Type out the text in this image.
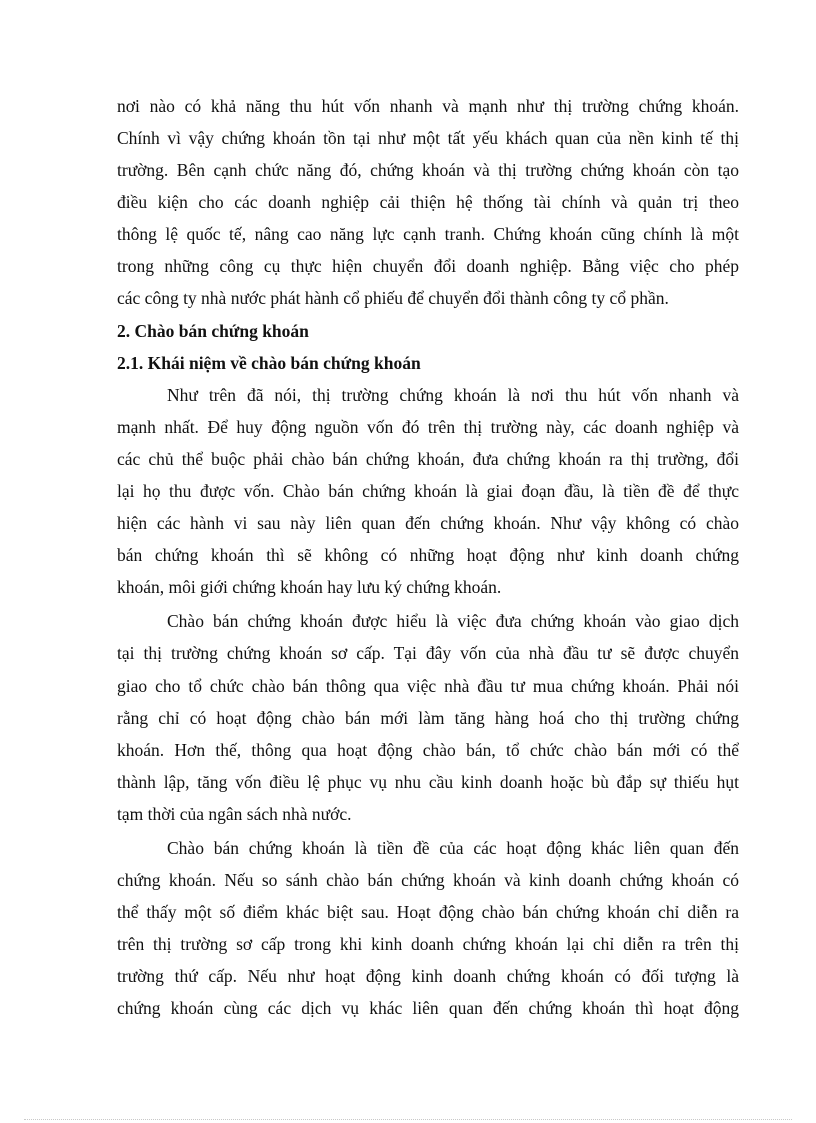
nơi nào có khả năng thu hút vốn nhanh và mạnh như thị trường chứng khoán.
Chính vì vậy chứng khoán tồn tại như một tất yếu khách quan của nền kinh tế thị
trường. Bên cạnh chức năng đó, chứng khoán và thị trường chứng khoán còn tạo
điều kiện cho các doanh nghiệp cải thiện hệ thống tài chính và quản trị theo
thông lệ quốc tế, nâng cao năng lực cạnh tranh. Chứng khoán cũng chính là một
trong những công cụ thực hiện chuyển đổi doanh nghiệp. Bằng việc cho phép
các công ty nhà nước phát hành cổ phiếu để chuyển đổi thành công ty cổ phần.
2. Chào bán chứng khoán
2.1. Khái niệm về chào bán chứng khoán
Như trên đã nói, thị trường chứng khoán là nơi thu hút vốn nhanh và
mạnh nhất. Để huy động nguồn vốn đó trên thị trường này, các doanh nghiệp và
các chủ thể buộc phải chào bán chứng khoán, đưa chứng khoán ra thị trường, đổi
lại họ thu được vốn. Chào bán chứng khoán là giai đoạn đầu, là tiền đề để thực
hiện các hành vi sau này liên quan đến chứng khoán. Như vậy không có chào
bán chứng khoán thì sẽ không có những hoạt động như kinh doanh chứng
khoán, môi giới chứng khoán hay lưu ký chứng khoán.
Chào bán chứng khoán được hiểu là việc đưa chứng khoán vào giao dịch
tại thị trường chứng khoán sơ cấp. Tại đây vốn của nhà đầu tư sẽ được chuyển
giao cho tổ chức chào bán thông qua việc nhà đầu tư mua chứng khoán. Phải nói
rằng chỉ có hoạt động chào bán mới làm tăng hàng hoá cho thị trường chứng
khoán. Hơn thế, thông qua hoạt động chào bán, tổ chức chào bán mới có thể
thành lập, tăng vốn điều lệ phục vụ nhu cầu kinh doanh hoặc bù đắp sự thiếu hụt
tạm thời của ngân sách nhà nước.
Chào bán chứng khoán là tiền đề của các hoạt động khác liên quan đến
chứng khoán. Nếu so sánh chào bán chứng khoán và kinh doanh chứng khoán có
thể thấy một số điểm khác biệt sau. Hoạt động chào bán chứng khoán chỉ diễn ra
trên thị trường sơ cấp trong khi kinh doanh chứng khoán lại chỉ diễn ra trên thị
trường thứ cấp. Nếu như hoạt động kinh doanh chứng khoán có đối tượng là
chứng khoán cùng các dịch vụ khác liên quan đến chứng khoán thì hoạt động
